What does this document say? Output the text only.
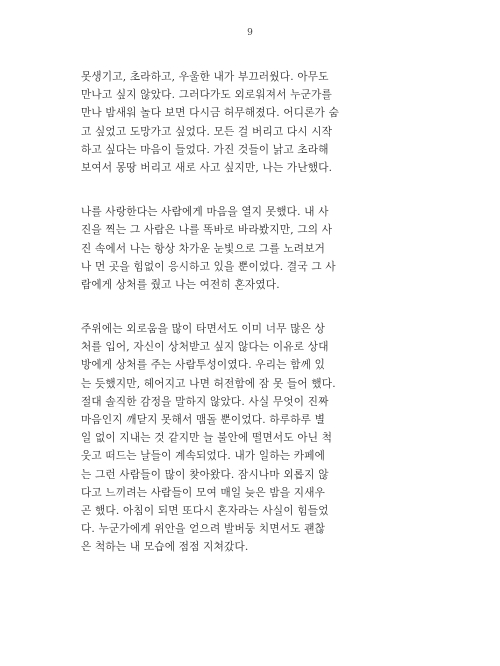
9

못생기고, 초라하고, 우울한 내가 부끄러웠다. 아무도
만나고 싶지 않았다. 그러다가도 외로워져서 누군가를
만나 밤새워 놀다 보면 다시금 허무해졌다. 어디론가 숨
고 싶었고 도망가고 싶었다. 모든 걸 버리고 다시 시작
하고 싶다는 마음이 들었다. 가진 것들이 낡고 초라해
보여서 몽땅 버리고 새로 사고 싶지만, 나는 가난했다.

나를 사랑한다는 사람에게 마음을 열지 못했다. 내 사
진을 찍는 그 사람은 나를 똑바로 바라봤지만, 그의 사
진 속에서 나는 항상 차가운 눈빛으로 그를 노려보거
나 먼 곳을 힘없이 응시하고 있을 뿐이었다. 결국 그 사
람에게 상처를 줬고 나는 여전히 혼자였다.

주위에는 외로움을 많이 타면서도 이미 너무 많은 상
처를 입어, 자신이 상처받고 싶지 않다는 이유로 상대
방에게 상처를 주는 사람투성이였다. 우리는 함께 있
는 듯했지만, 헤어지고 나면 허전함에 잠 못 들어 했다.
절대 솔직한 감정을 말하지 않았다. 사실 무엇이 진짜
마음인지 깨닫지 못해서 맴돌 뿐이었다. 하루하루 별
일 없이 지내는 것 같지만 늘 불안에 떨면서도 아닌 척
웃고 떠드는 날들이 계속되었다. 내가 일하는 카페에
는 그런 사람들이 많이 찾아왔다. 잠시나마 외롭지 않
다고 느끼려는 사람들이 모여 매일 늦은 밤을 지새우
곤 했다. 아침이 되면 또다시 혼자라는 사실이 힘들었
다. 누군가에게 위안을 얻으려 발버둥 치면서도 괜찮
은 척하는 내 모습에 점점 지쳐갔다.
